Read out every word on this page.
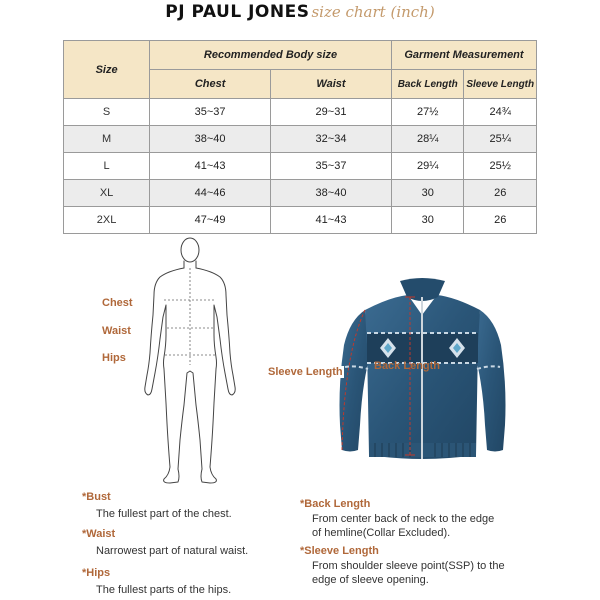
PJ PAUL JONES size chart (inch)
Size	Recommended Body size		Garment Measurement	
	Chest	Waist	Back Length	Sleeve Length
S	35~37	29~31	27½	24¾
M	38~40	32~34	28¼	25¼
L	41~43	35~37	29¼	25½
XL	44~46	38~40	30	26
2XL	47~49	41~43	30	26
Chest
Waist
Hips
Sleeve Length	Back Length
*Bust
The fullest part of the chest.
*Waist
Narrowest part of natural waist.
*Hips
The fullest parts of the hips.
*Back Length
From center back of neck to the edge
of hemline(Collar Excluded).
*Sleeve Length
From shoulder sleeve point(SSP) to the
edge of sleeve opening.
